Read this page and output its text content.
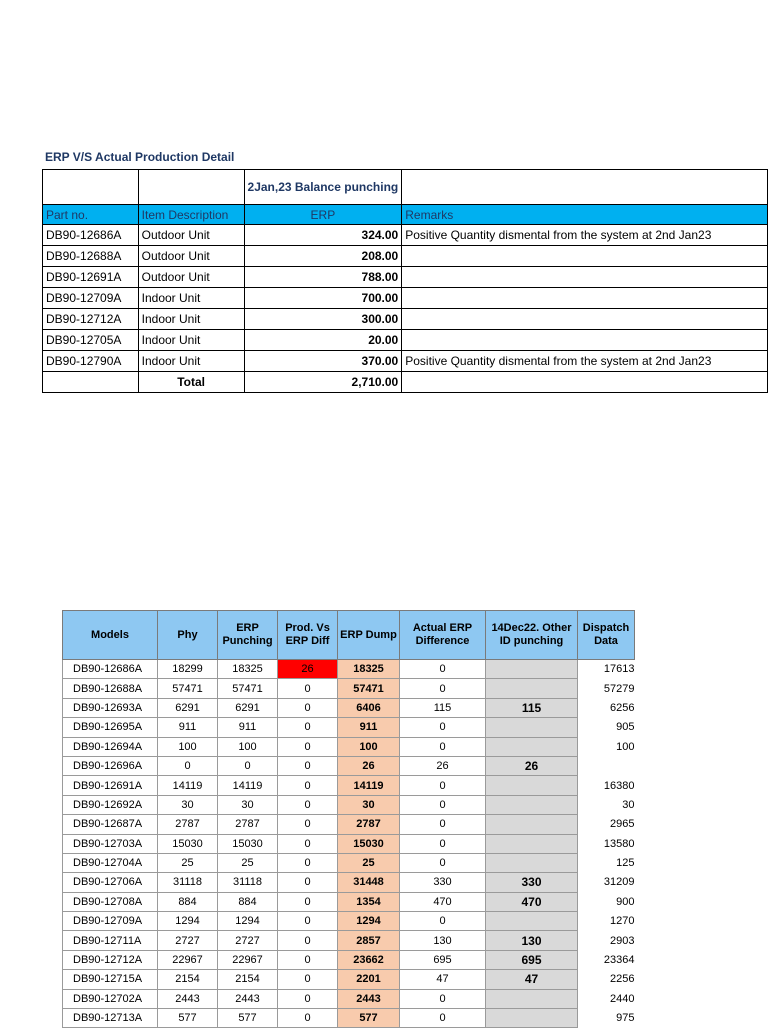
ERP V/S Actual Production Detail
		2Jan,23 Balance punching	
Part no.	Item Description	ERP	Remarks
DB90-12686A	Outdoor Unit	324.00	Positive Quantity dismental from the system at 2nd Jan23
DB90-12688A	Outdoor Unit	208.00	
DB90-12691A	Outdoor Unit	788.00	
DB90-12709A	Indoor Unit	700.00	
DB90-12712A	Indoor Unit	300.00	
DB90-12705A	Indoor Unit	20.00	
DB90-12790A	Indoor Unit	370.00	Positive Quantity dismental from the system at 2nd Jan23
	Total	2,710.00	
Models	Phy	ERP Punching	Prod. Vs ERP Diff	ERP Dump	Actual ERP Difference	14Dec22. Other ID punching	Dispatch Data
DB90-12686A	18299	18325	26	18325	0		17613
DB90-12688A	57471	57471	0	57471	0		57279
DB90-12693A	6291	6291	0	6406	115	115	6256
DB90-12695A	911	911	0	911	0		905
DB90-12694A	100	100	0	100	0		100
DB90-12696A	0	0	0	26	26	26	
DB90-12691A	14119	14119	0	14119	0		16380
DB90-12692A	30	30	0	30	0		30
DB90-12687A	2787	2787	0	2787	0		2965
DB90-12703A	15030	15030	0	15030	0		13580
DB90-12704A	25	25	0	25	0		125
DB90-12706A	31118	31118	0	31448	330	330	31209
DB90-12708A	884	884	0	1354	470	470	900
DB90-12709A	1294	1294	0	1294	0		1270
DB90-12711A	2727	2727	0	2857	130	130	2903
DB90-12712A	22967	22967	0	23662	695	695	23364
DB90-12715A	2154	2154	0	2201	47	47	2256
DB90-12702A	2443	2443	0	2443	0		2440
DB90-12713A	577	577	0	577	0		975
